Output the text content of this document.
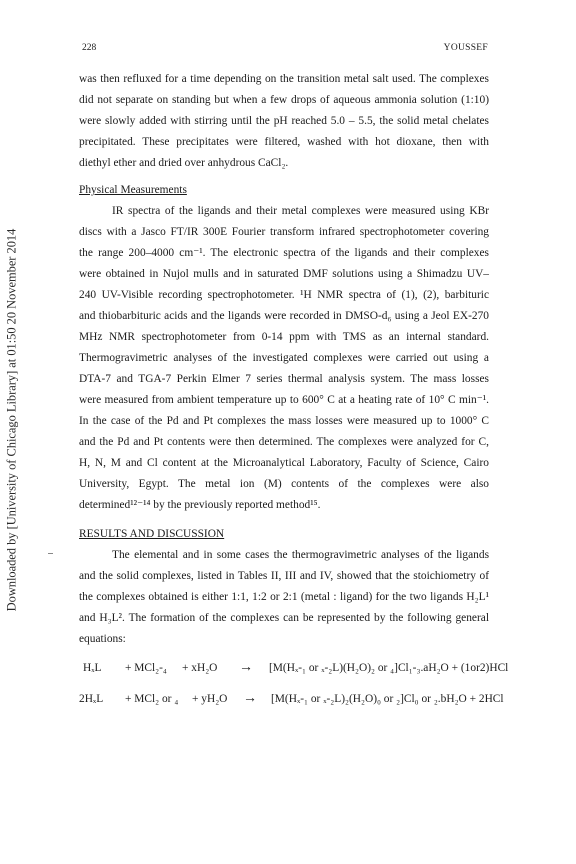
Downloaded by [University of Chicago Library] at 01:50 20 November 2014
228	YOUSSEF
was then refluxed for a time depending on the transition metal salt used. The complexes
did not separate on standing but when a few drops of aqueous ammonia solution (1:10)
were slowly added with stirring until the pH reached 5.0 – 5.5, the solid metal chelates
precipitated. These precipitates were filtered, washed with hot dioxane, then with
diethyl ether and dried over anhydrous CaCl₂.
Physical Measurements
IR spectra of the ligands and their metal complexes were measured using KBr
discs with a Jasco FT/IR 300E Fourier transform infrared spectrophotometer covering
the range 200–4000 cm⁻¹. The electronic spectra of the ligands and their complexes
were obtained in Nujol mulls and in saturated DMF solutions using a Shimadzu UV–
240 UV-Visible recording spectrophotometer. ¹H NMR spectra of (1), (2), barbituric
and thiobarbituric acids and the ligands were recorded in DMSO-d₆ using a Jeol EX-270
MHz NMR spectrophotometer from 0-14 ppm with TMS as an internal standard.
Thermogravimetric analyses of the investigated complexes were carried out using a
DTA-7 and TGA-7 Perkin Elmer 7 series thermal analysis system. The mass losses
were measured from ambient temperature up to 600° C at a heating rate of 10° C min⁻¹.
In the case of the Pd and Pt complexes the mass losses were measured up to 1000° C
and the Pd and Pt contents were then determined. The complexes were analyzed for C,
H, N, M and Cl content at the Microanalytical Laboratory, Faculty of Science, Cairo
University, Egypt. The metal ion (M) contents of the complexes were also
determined¹²⁻¹⁴ by the previously reported method¹⁵.
RESULTS AND DISCUSSION
The elemental and in some cases the thermogravimetric analyses of the ligands
and the solid complexes, listed in Tables II, III and IV, showed that the stoichiometry of
the complexes obtained is either 1:1, 1:2 or 2:1 (metal : ligand) for the two ligands H₂L¹
and H₃L². The formation of the complexes can be represented by the following general
equations:
HₓL + MCl₂-₄ + xH₂O → [M(Hₓ-₁ or ₓ-₂L)(H₂O)₂ or ₄]Cl₁-₃.aH₂O + (1or2)HCl
2HₓL + MCl₂ or ₄ + yH₂O → [M(Hₓ-₁ or ₓ-₂L)₂(H₂O)₀ or ₂]Cl₀ or ₂.bH₂O + 2HCl
